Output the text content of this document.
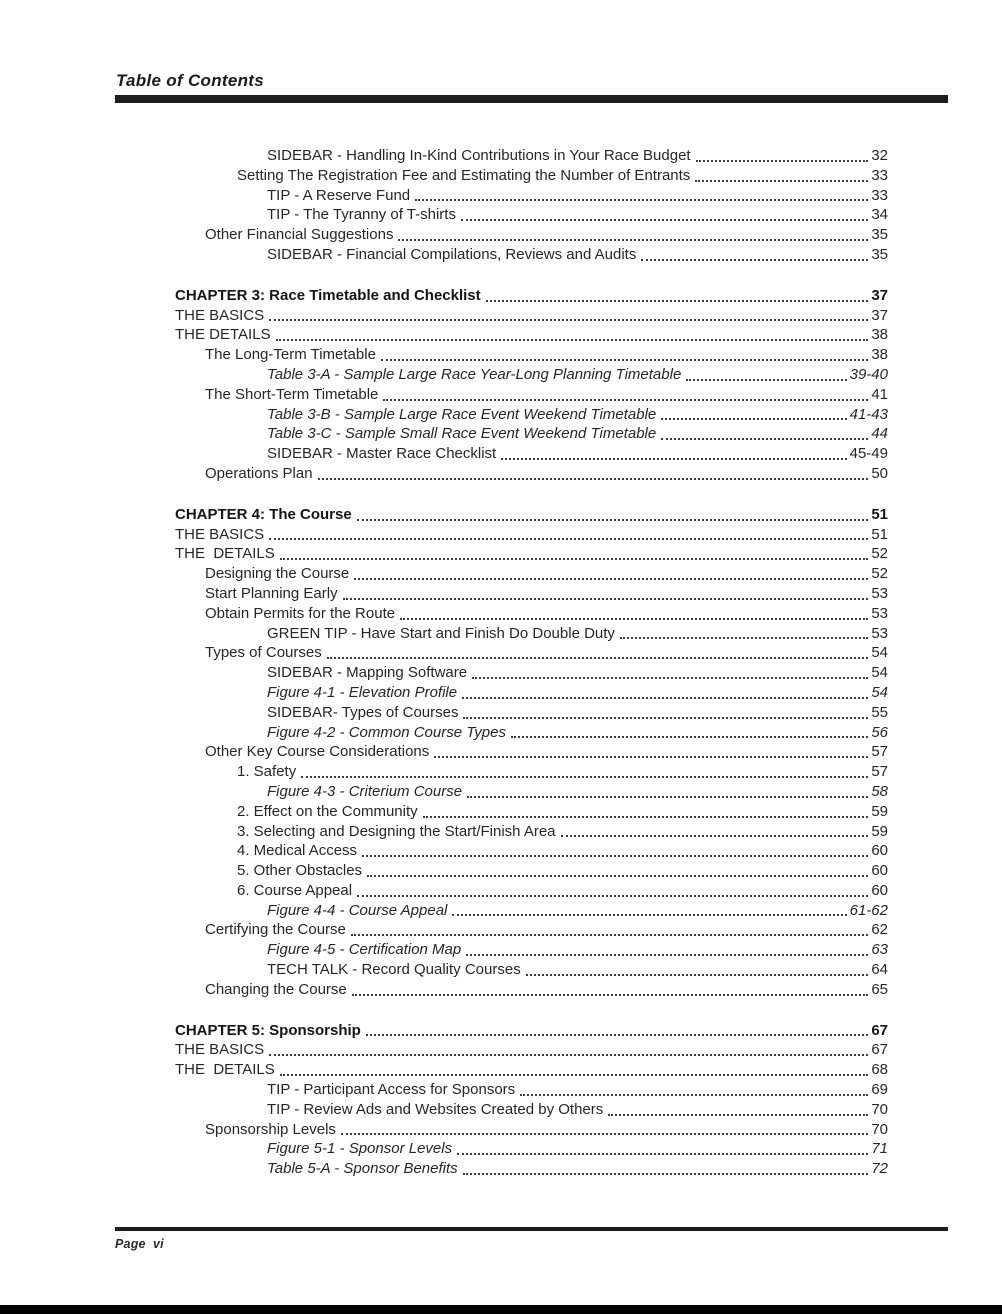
Table of Contents
SIDEBAR - Handling In-Kind Contributions in Your Race Budget	32
Setting The Registration Fee and Estimating the Number of Entrants	33
TIP - A Reserve Fund	33
TIP - The Tyranny of T-shirts	34
Other Financial Suggestions	35
SIDEBAR - Financial Compilations, Reviews and Audits	35
CHAPTER 3: Race Timetable and Checklist	37
THE BASICS	37
THE DETAILS	38
The Long-Term Timetable	38
Table 3-A - Sample Large Race Year-Long Planning Timetable	39-40
The Short-Term Timetable	41
Table 3-B - Sample Large Race Event Weekend Timetable	41-43
Table 3-C - Sample Small Race Event Weekend Timetable	44
SIDEBAR - Master Race Checklist	45-49
Operations Plan	50
CHAPTER 4: The Course	51
THE BASICS	51
THE  DETAILS	52
Designing the Course	52
Start Planning Early	53
Obtain Permits for the Route	53
GREEN TIP - Have Start and Finish Do Double Duty	53
Types of Courses	54
SIDEBAR - Mapping Software	54
Figure 4-1 - Elevation Profile	54
SIDEBAR- Types of Courses	55
Figure 4-2 - Common Course Types	56
Other Key Course Considerations	57
1. Safety	57
Figure 4-3 - Criterium Course	58
2. Effect on the Community	59
3. Selecting and Designing the Start/Finish Area	59
4. Medical Access	60
5. Other Obstacles	60
6. Course Appeal	60
Figure 4-4 - Course Appeal	61-62
Certifying the Course	62
Figure 4-5 - Certification Map	63
TECH TALK - Record Quality Courses	64
Changing the Course	65
CHAPTER 5: Sponsorship	67
THE BASICS	67
THE  DETAILS	68
TIP - Participant Access for Sponsors	69
TIP - Review Ads and Websites Created by Others	70
Sponsorship Levels	70
Figure 5-1 - Sponsor Levels	71
Table 5-A - Sponsor Benefits	72
Page  vi
